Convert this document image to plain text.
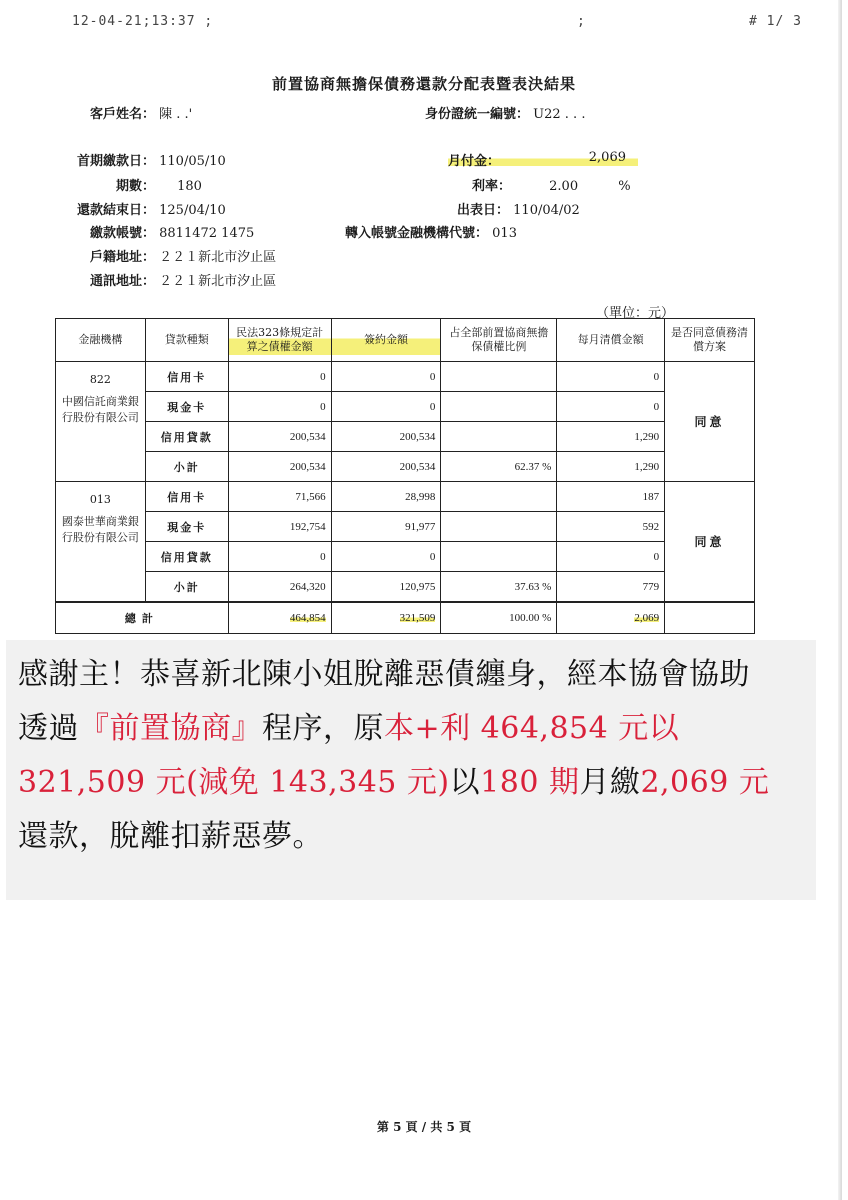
12-04-21;13:37 ;	;	# 1/ 3
前置協商無擔保債務還款分配表暨表決結果
客戶姓名： 陳 . .'
首期繳款日： 110/05/10
期數： 180
還款結束日： 125/04/10
繳款帳號： 8811472 1475
戶籍地址： ２２１新北市汐止區
通訊地址： ２２１新北市汐止區
身份證統一編號： U22 . . .
月付金：	2,069
利率：	2.00	%
出表日： 110/04/02
轉入帳號金融機構代號： 013
（單位：元）
金融機構	貸款種類	民法323條規定計算之債權金額	簽約金額	占全部前置協商無擔保債權比例	每月清償金額	是否同意債務清償方案

822
中國信託商業銀行股份有限公司	信用卡	0	0		0	同意
	現金卡	0	0		0	
	信用貸款	200,534	200,534		1,290	
	小計	200,534	200,534	62.37 %	1,290	

013
國泰世華商業銀行股份有限公司	信用卡	71,566	28,998		187	同意
	現金卡	192,754	91,977		592	
	信用貸款	0	0		0	
	小計	264,320	120,975	37.63 %	779	
總計		464,854	321,509	100.00 %	2,069	
感謝主！恭喜新北陳小姐脫離惡債纏身，經本協會協助透過『前置協商』程序，原本+利 464,854 元以 321,509 元(減免 143,345 元)以180 期月繳2,069 元還款，脫離扣薪惡夢。
第 5 頁 / 共 5 頁
